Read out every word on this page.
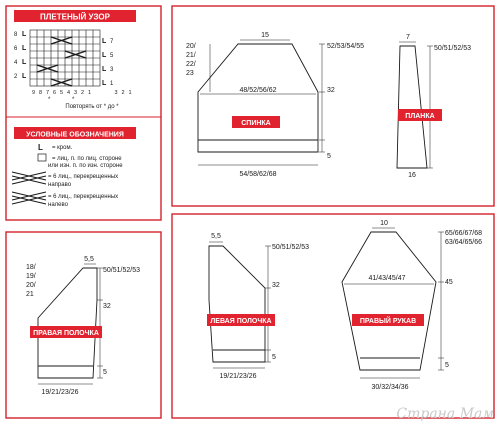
ПЛЕТЕНЫЙ УЗОР
8
6
4
2
7
5
3
1
L
L
L
L
L
L
L
L
9 8 7 6 5 4 3 2 1	3 2 1
*	*
Повторять от * до *
УСЛОВНЫЕ ОБОЗНАЧЕНИЯ
L = кром.
= лиц. п. по лиц. стороне
или изн. п. по изн. стороне
= 6 лиц., перекрещенных
направо
= 6 лиц., перекрещенных
налево
15
20/
21/
22/
23
52/53/54/55
48/52/56/62	32
5
54/58/62/68
СПИНКА
7
50/51/52/53
16
ПЛАНКА
5,5
18/
19/
20/
21
50/51/52/53
32
5
19/21/23/26
ПРАВАЯ ПОЛОЧКА
5,5
50/51/52/53
32
5
19/21/23/26
ЛЕВАЯ ПОЛОЧКА
10
65/66/67/68
63/64/65/66
41/43/45/47
45
5
30/32/34/36
ПРАВЫЙ РУКАВ
Страна Мам
